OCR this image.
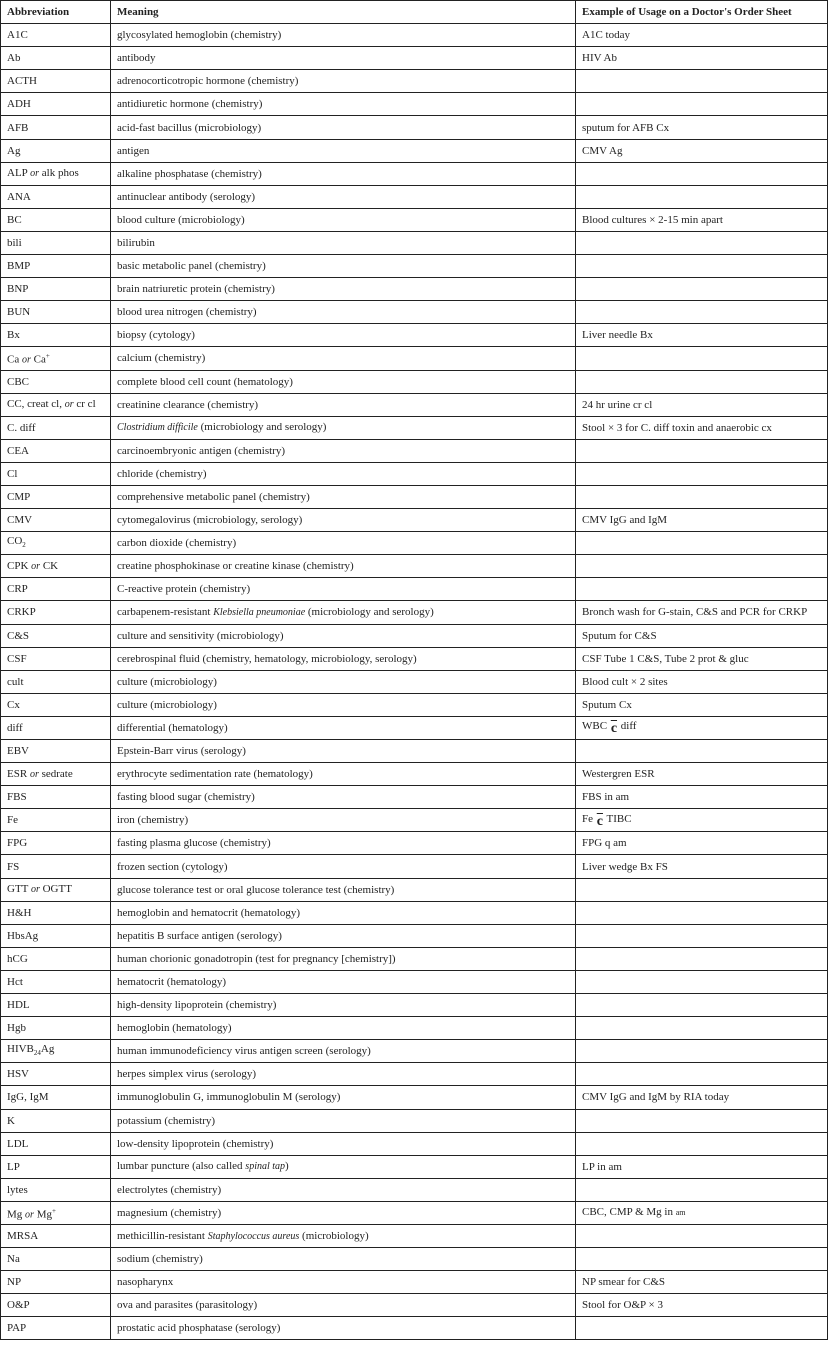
Abbreviation	Meaning	Example of Usage on a Doctor's Order Sheet
A1C	glycosylated hemoglobin (chemistry)	A1C today
Ab	antibody	HIV Ab
ACTH	adrenocorticotropic hormone (chemistry)	
ADH	antidiuretic hormone (chemistry)	
AFB	acid-fast bacillus (microbiology)	sputum for AFB Cx
Ag	antigen	CMV Ag
ALP or alk phos	alkaline phosphatase (chemistry)	
ANA	antinuclear antibody (serology)	
BC	blood culture (microbiology)	Blood cultures × 2-15 min apart
bili	bilirubin	
BMP	basic metabolic panel (chemistry)	
BNP	brain natriuretic protein (chemistry)	
BUN	blood urea nitrogen (chemistry)	
Bx	biopsy (cytology)	Liver needle Bx
Ca or Ca+	calcium (chemistry)	
CBC	complete blood cell count (hematology)	
CC, creat cl, or cr cl	creatinine clearance (chemistry)	24 hr urine cr cl
C. diff	Clostridium difficile (microbiology and serology)	Stool × 3 for C. diff toxin and anaerobic cx
CEA	carcinoembryonic antigen (chemistry)	
Cl	chloride (chemistry)	
CMP	comprehensive metabolic panel (chemistry)	
CMV	cytomegalovirus (microbiology, serology)	CMV IgG and IgM
$CO_2$	carbon dioxide (chemistry)	
CPK or CK	creatine phosphokinase or creatine kinase (chemistry)	
CRP	C-reactive protein (chemistry)	
CRKP	carbapenem-resistant Klebsiella pneumoniae (microbiology and serology)	Bronch wash for G-stain, C&S and PCR for CRKP
C&S	culture and sensitivity (microbiology)	Sputum for C&S
CSF	cerebrospinal fluid (chemistry, hematology, microbiology, serology)	CSF Tube 1 C&S, Tube 2 prot & gluc
cult	culture (microbiology)	Blood cult × 2 sites
Cx	culture (microbiology)	Sputum Cx
diff	differential (hematology)	WBC $\overline{c}$ diff
EBV	Epstein-Barr virus (serology)	
ESR or sedrate	erythrocyte sedimentation rate (hematology)	Westergren ESR
FBS	fasting blood sugar (chemistry)	FBS in am
Fe	iron (chemistry)	Fe $\overline{c}$ TIBC
FPG	fasting plasma glucose (chemistry)	FPG q am
FS	frozen section (cytology)	Liver wedge Bx FS
GTT or OGTT	glucose tolerance test or oral glucose tolerance test (chemistry)	
H&H	hemoglobin and hematocrit (hematology)	
HbsAg	hepatitis B surface antigen (serology)	
hCG	human chorionic gonadotropin (test for pregnancy [chemistry])	
Hct	hematocrit (hematology)	
HDL	high-density lipoprotein (chemistry)	
Hgb	hemoglobin (hematology)	
$HIVB_{24}Ag$	human immunodeficiency virus antigen screen (serology)	
HSV	herpes simplex virus (serology)	
IgG, IgM	immunoglobulin G, immunoglobulin M (serology)	CMV IgG and IgM by RIA today
K	potassium (chemistry)	
LDL	low-density lipoprotein (chemistry)	
LP	lumbar puncture (also called spinal tap)	LP in am
lytes	electrolytes (chemistry)	
Mg or Mg+	magnesium (chemistry)	CBC, CMP & Mg in am
MRSA	methicillin-resistant Staphylococcus aureus (microbiology)	
Na	sodium (chemistry)	
NP	nasopharynx	NP smear for C&S
O&P	ova and parasites (parasitology)	Stool for O&P × 3
PAP	prostatic acid phosphatase (serology)	
